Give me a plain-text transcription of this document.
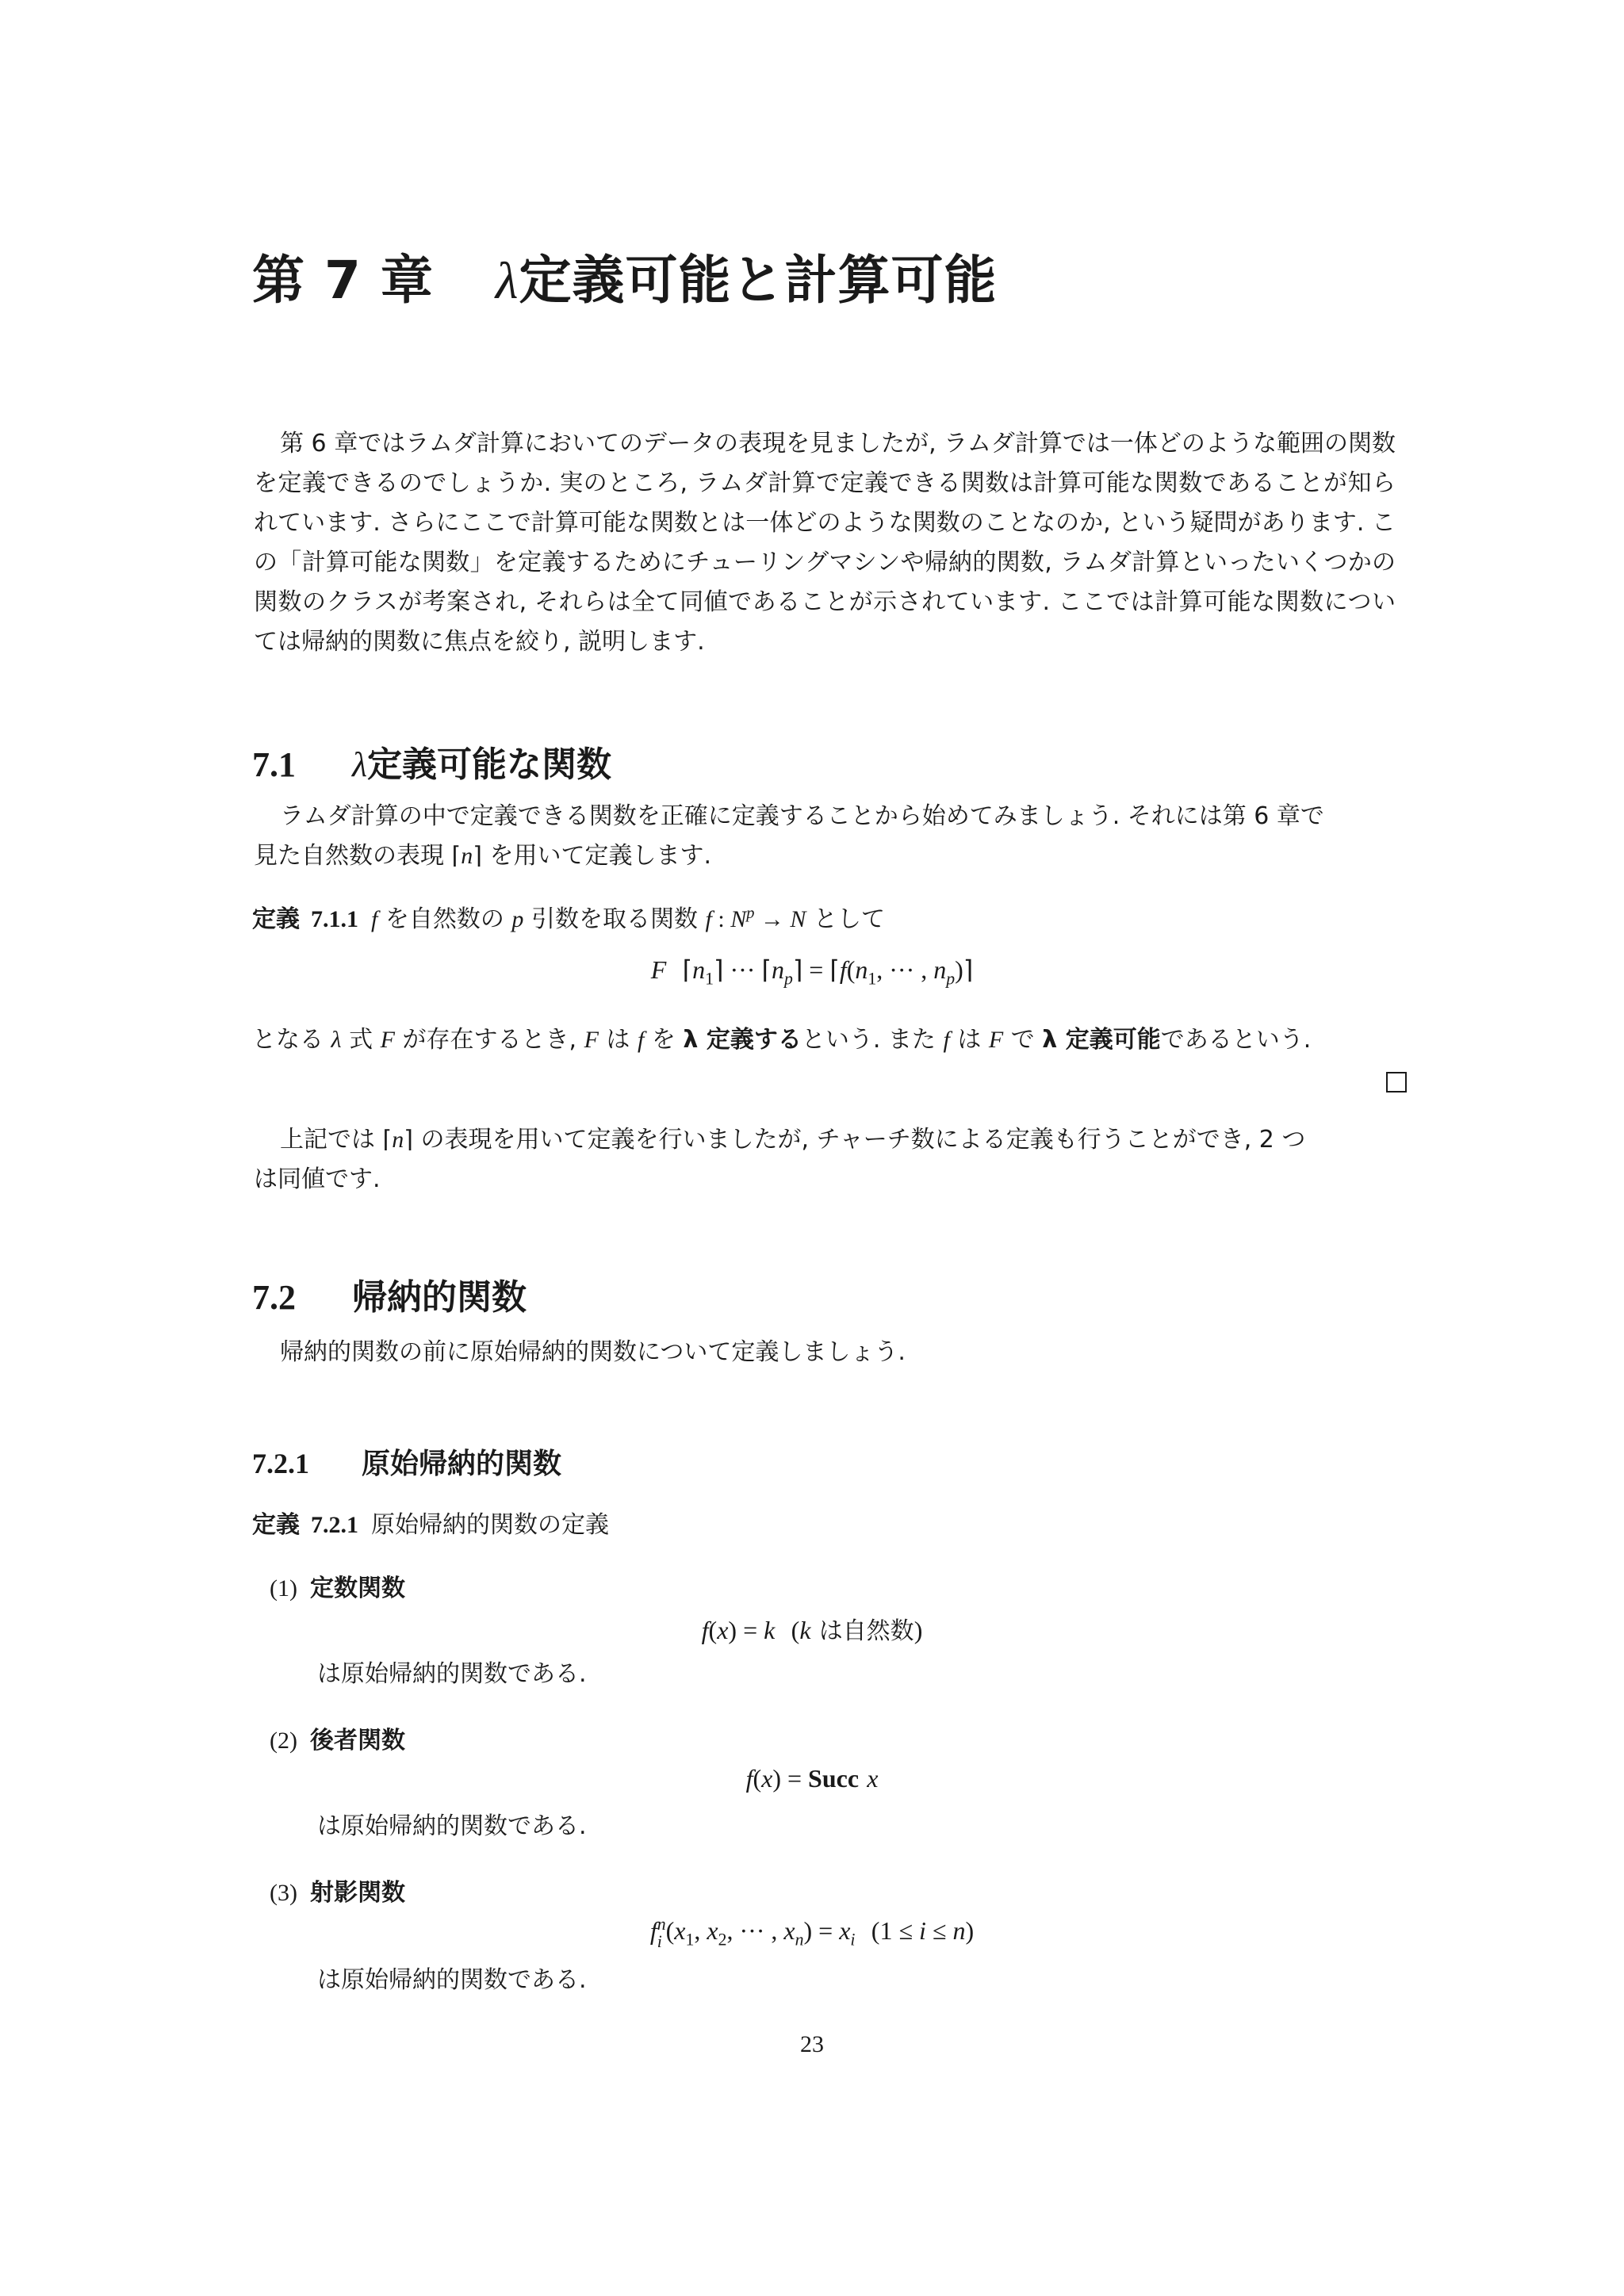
第 7 章 λ定義可能と計算可能
第 6 章ではラムダ計算においてのデータの表現を見ましたが, ラムダ計算では一体どのような範囲の関数を定義できるのでしょうか. 実のところ, ラムダ計算で定義できる関数は計算可能な関数であることが知られています. さらにここで計算可能な関数とは一体どのような関数のことなのか, という疑問があります. この「計算可能な関数」を定義するためにチューリングマシンや帰納的関数, ラムダ計算といったいくつかの関数のクラスが考案され, それらは全て同値であることが示されています. ここでは計算可能な関数については帰納的関数に焦点を絞り, 説明します.
7.1 λ定義可能な関数
ラムダ計算の中で定義できる関数を正確に定義することから始めてみましょう. それには第 6 章で
見た自然数の表現 ⌈n⌉ を用いて定義します.
定義 7.1.1 f を自然数の p 引数を取る関数 f : $N^p \to N$ として
F $⌈n_1⌉$ ··· $⌈n_p⌉$ = $⌈f(n_1$, ··· , $n_p)⌉$
となる λ 式 F が存在するとき, F は f を λ 定義するという. また f は F で λ 定義可能であるという.
上記では ⌈n⌉ の表現を用いて定義を行いましたが, チャーチ数による定義も行うことができ, 2 つ
は同値です.
7.2 帰納的関数
帰納的関数の前に原始帰納的関数について定義しましょう.
7.2.1 原始帰納的関数
定義 7.2.1 原始帰納的関数の定義
(1) 定数関数
f(x) = k (k は自然数)
は原始帰納的関数である.
(2) 後者関数
f(x) = Succ x
は原始帰納的関数である.
(3) 射影関数
f n
i ($x_1$, $x_2$, ··· , $x_n) = x_i$ (1 ≤ i ≤ n)
は原始帰納的関数である.
23
